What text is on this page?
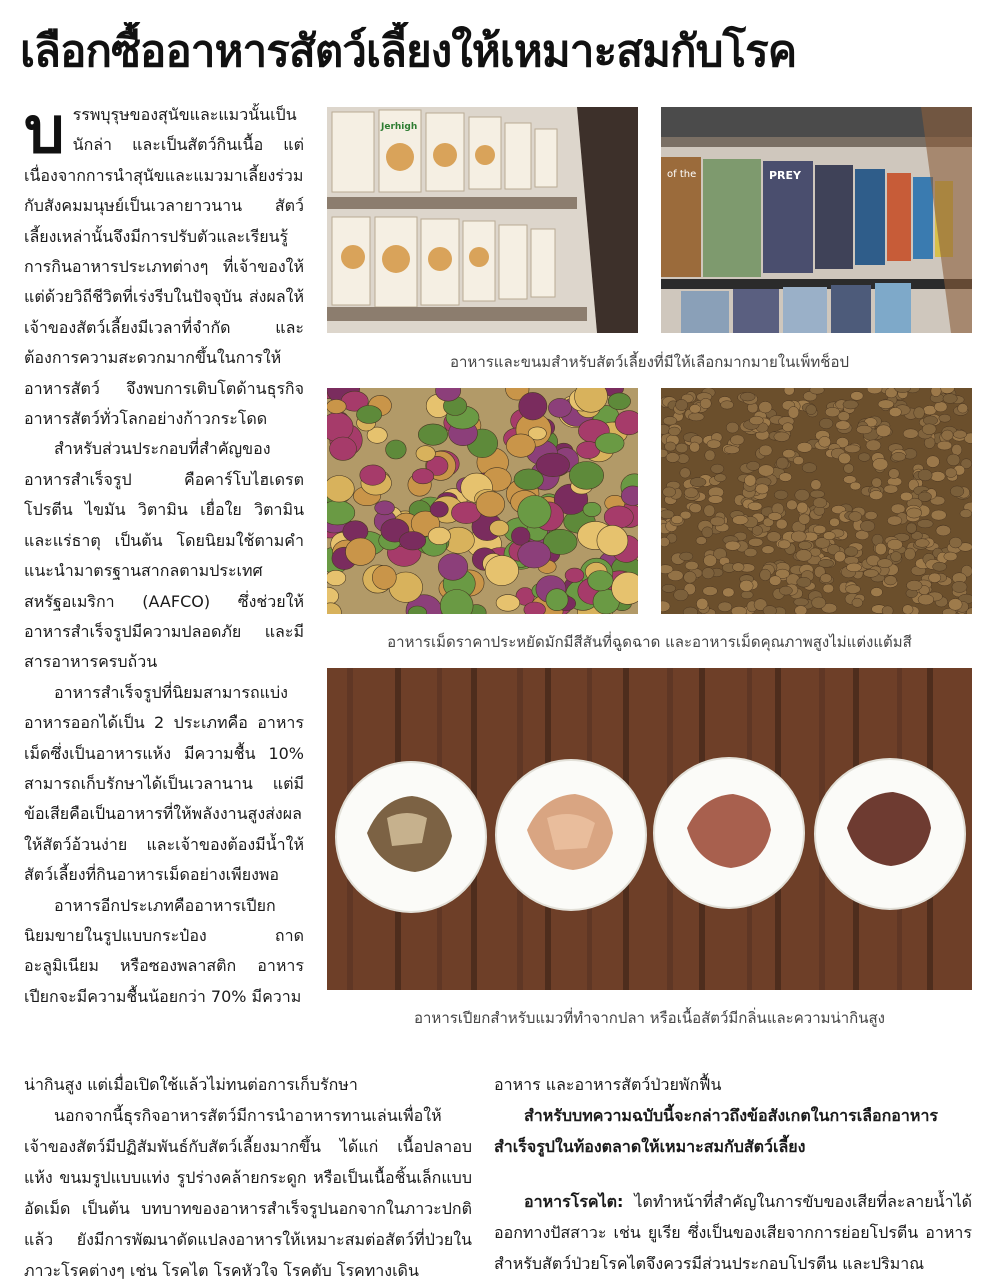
เลือกซื้ออาหารสัตว์เลี้ยงให้เหมาะสมกับโรค

บรรพบุรุษของสุนัขและแมวนั้นเป็นนักล่า และเป็นสัตว์กินเนื้อ แต่เนื่องจากการนำสุนัขและแมวมาเลี้ยงร่วมกับสังคมมนุษย์เป็นเวลายาวนาน สัตว์เลี้ยงเหล่านั้นจึงมีการปรับตัวและเรียนรู้การกินอาหารประเภทต่างๆ ที่เจ้าของให้ แต่ด้วยวิถีชีวิตที่เร่งรีบในปัจจุบัน ส่งผลให้เจ้าของสัตว์เลี้ยงมีเวลาที่จำกัด และต้องการความสะดวกมากขึ้นในการให้อาหารสัตว์ จึงพบการเติบโตด้านธุรกิจอาหารสัตว์ทั่วโลกอย่างก้าวกระโดด

สำหรับส่วนประกอบที่สำคัญของอาหารสำเร็จรูป คือคาร์โบไฮเดรต โปรตีน ไขมัน วิตามิน เยื่อใย วิตามิน และแร่ธาตุ เป็นต้น โดยนิยมใช้ตามคำแนะนำมาตรฐานสากลตามประเทศสหรัฐอเมริกา (AAFCO) ซึ่งช่วยให้อาหารสำเร็จรูปมีความปลอดภัย และมีสารอาหารครบถ้วน

อาหารสำเร็จรูปที่นิยมสามารถแบ่งอาหารออกได้เป็น 2 ประเภทคือ อาหารเม็ดซึ่งเป็นอาหารแห้ง มีความชื้น 10% สามารถเก็บรักษาได้เป็นเวลานาน แต่มีข้อเสียคือเป็นอาหารที่ให้พลังงานสูงส่งผลให้สัตว์อ้วนง่าย และเจ้าของต้องมีน้ำให้สัตว์เลี้ยงที่กินอาหารเม็ดอย่างเพียงพอ

อาหารอีกประเภทคืออาหารเปียกนิยมขายในรูปแบบกระป๋อง ถาด อะลูมิเนียม หรือซองพลาสติก อาหารเปียกจะมีความชื้นน้อยกว่า 70% มีความ

Jerhigh
of the	PREY
อาหารและขนมสำหรับสัตว์เลี้ยงที่มีให้เลือกมากมายในเพ็ทช็อป
อาหารเม็ดราคาประหยัดมักมีสีสันที่ฉูดฉาด และอาหารเม็ดคุณภาพสูงไม่แต่งแต้มสี
อาหารเปียกสำหรับแมวที่ทำจากปลา หรือเนื้อสัตว์มีกลิ่นและความน่ากินสูง

น่ากินสูง แต่เมื่อเปิดใช้แล้วไม่ทนต่อการเก็บรักษา

นอกจากนี้ธุรกิจอาหารสัตว์มีการนำอาหารทานเล่นเพื่อให้เจ้าของสัตว์มีปฏิสัมพันธ์กับสัตว์เลี้ยงมากขึ้น ได้แก่ เนื้อปลาอบแห้ง ขนมรูปแบบแท่ง รูปร่างคล้ายกระดูก หรือเป็นเนื้อชิ้นเล็กแบบอัดเม็ด เป็นต้น บทบาทของอาหารสำเร็จรูปนอกจากในภาวะปกติแล้ว ยังมีการพัฒนาดัดแปลงอาหารให้เหมาะสมต่อสัตว์ที่ป่วยในภาวะโรคต่างๆ เช่น โรคไต โรคหัวใจ โรคตับ โรคทางเดิน

อาหาร และอาหารสัตว์ป่วยพักฟื้น

สำหรับบทความฉบับนี้จะกล่าวถึงข้อสังเกตในการเลือกอาหารสำเร็จรูปในท้องตลาดให้เหมาะสมกับสัตว์เลี้ยง

อาหารโรคไต: ไตทำหน้าที่สำคัญในการขับของเสียที่ละลายน้ำได้ออกทางปัสสาวะ เช่น ยูเรีย ซึ่งเป็นของเสียจากการย่อยโปรตีน อาหารสำหรับสัตว์ป่วยโรคไตจึงควรมีส่วนประกอบโปรตีน และปริมาณ
